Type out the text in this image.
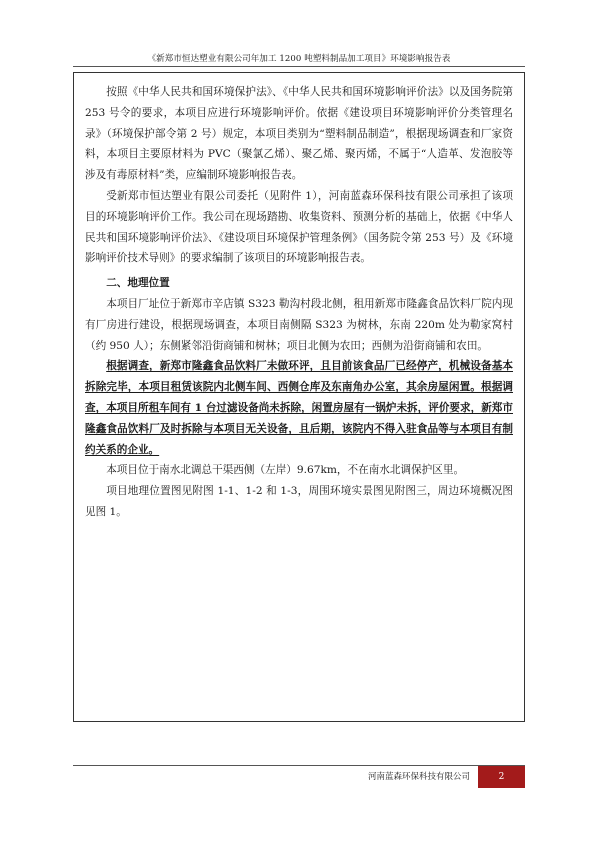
《新郑市恒达塑业有限公司年加工 1200 吨塑料制品加工项目》环境影响报告表

按照《中华人民共和国环境保护法》、《中华人民共和国环境影响评价法》以及国务院第 253 号令的要求，本项目应进行环境影响评价。依据《建设项目环境影响评价分类管理名录》（环境保护部令第 2 号）规定，本项目类别为“塑料制品制造”，根据现场调查和厂家资料，本项目主要原材料为 PVC（聚氯乙烯）、聚乙烯、聚丙烯，不属于“人造革、发泡胶等涉及有毒原材料”类，应编制环境影响报告表。

受新郑市恒达塑业有限公司委托（见附件 1），河南蓝森环保科技有限公司承担了该项目的环境影响评价工作。我公司在现场踏勘、收集资料、预测分析的基础上，依据《中华人民共和国环境影响评价法》、《建设项目环境保护管理条例》（国务院令第 253 号）及《环境影响评价技术导则》的要求编制了该项目的环境影响报告表。

二、地理位置

本项目厂址位于新郑市辛店镇 S323 勒沟村段北侧，租用新郑市隆鑫食品饮料厂院内现有厂房进行建设，根据现场调查，本项目南侧隔 S323 为树林，东南 220m 处为勒家窝村（约 950 人）；东侧紧邻沿街商铺和树林；项目北侧为农田；西侧为沿街商铺和农田。

根据调查，新郑市隆鑫食品饮料厂未做环评，且目前该食品厂已经停产，机械设备基本拆除完毕，本项目租赁该院内北侧车间、西侧仓库及东南角办公室，其余房屋闲置。根据调查，本项目所租车间有 1 台过滤设备尚未拆除，闲置房屋有一锅炉未拆，评价要求，新郑市隆鑫食品饮料厂及时拆除与本项目无关设备，且后期，该院内不得入驻食品等与本项目有制约关系的企业。

本项目位于南水北调总干渠西侧（左岸）9.67km，不在南水北调保护区里。

项目地理位置图见附图 1-1、1-2 和 1-3，周围环境实景图见附图三，周边环境概况图见图 1。

河南蓝森环保科技有限公司	2
